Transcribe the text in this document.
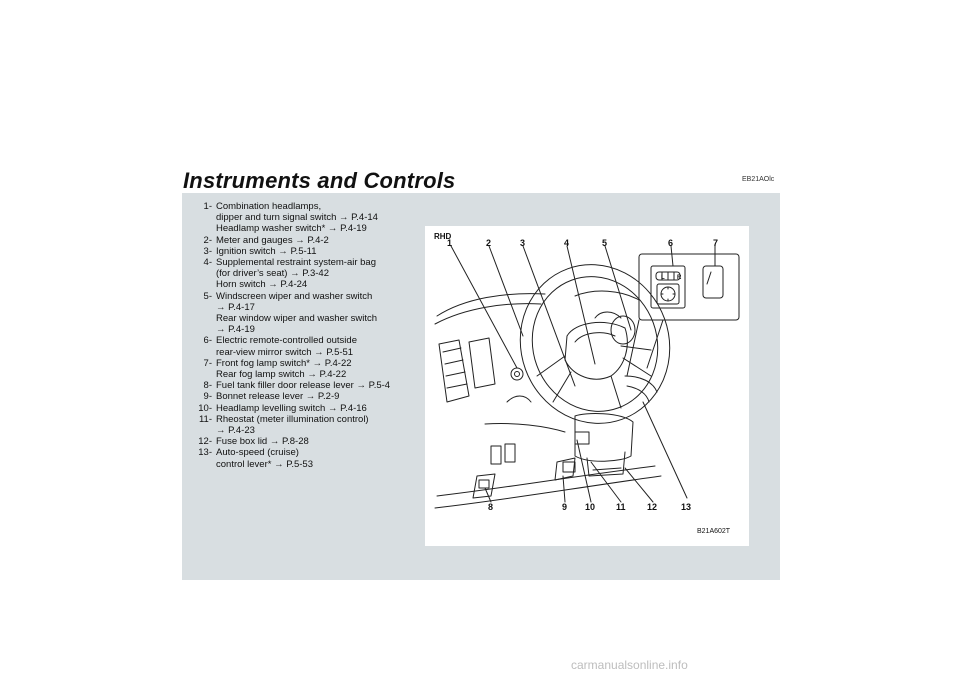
Instruments and Controls	EB21AOlc
1- Combination headlamps,
dipper and turn signal switch → P.4-14
Headlamp washer switch* → P.4-19
2- Meter and gauges → P.4-2
3- Ignition switch → P.5-11
4- Supplemental restraint system-air bag
(for driver’s seat) → P.3-42
Horn switch → P.4-24
5- Windscreen wiper and washer switch
→ P.4-17
Rear window wiper and washer switch
→ P.4-19
6- Electric remote-controlled outside
rear-view mirror switch → P.5-51
7- Front fog lamp switch* → P.4-22
Rear fog lamp switch → P.4-22
8- Fuel tank filler door release lever → P.5-4
9- Bonnet release lever → P.2-9
10- Headlamp levelling switch → P.4-16
11- Rheostat (meter illumination control)
→ P.4-23
12- Fuse box lid → P.8-28
13- Auto-speed (cruise)
control lever* → P.5-53
RHD
L R
1	2	3	4	5	6	7
8	9 10 11 12	13
B21A602T
carmanualsonline.info
